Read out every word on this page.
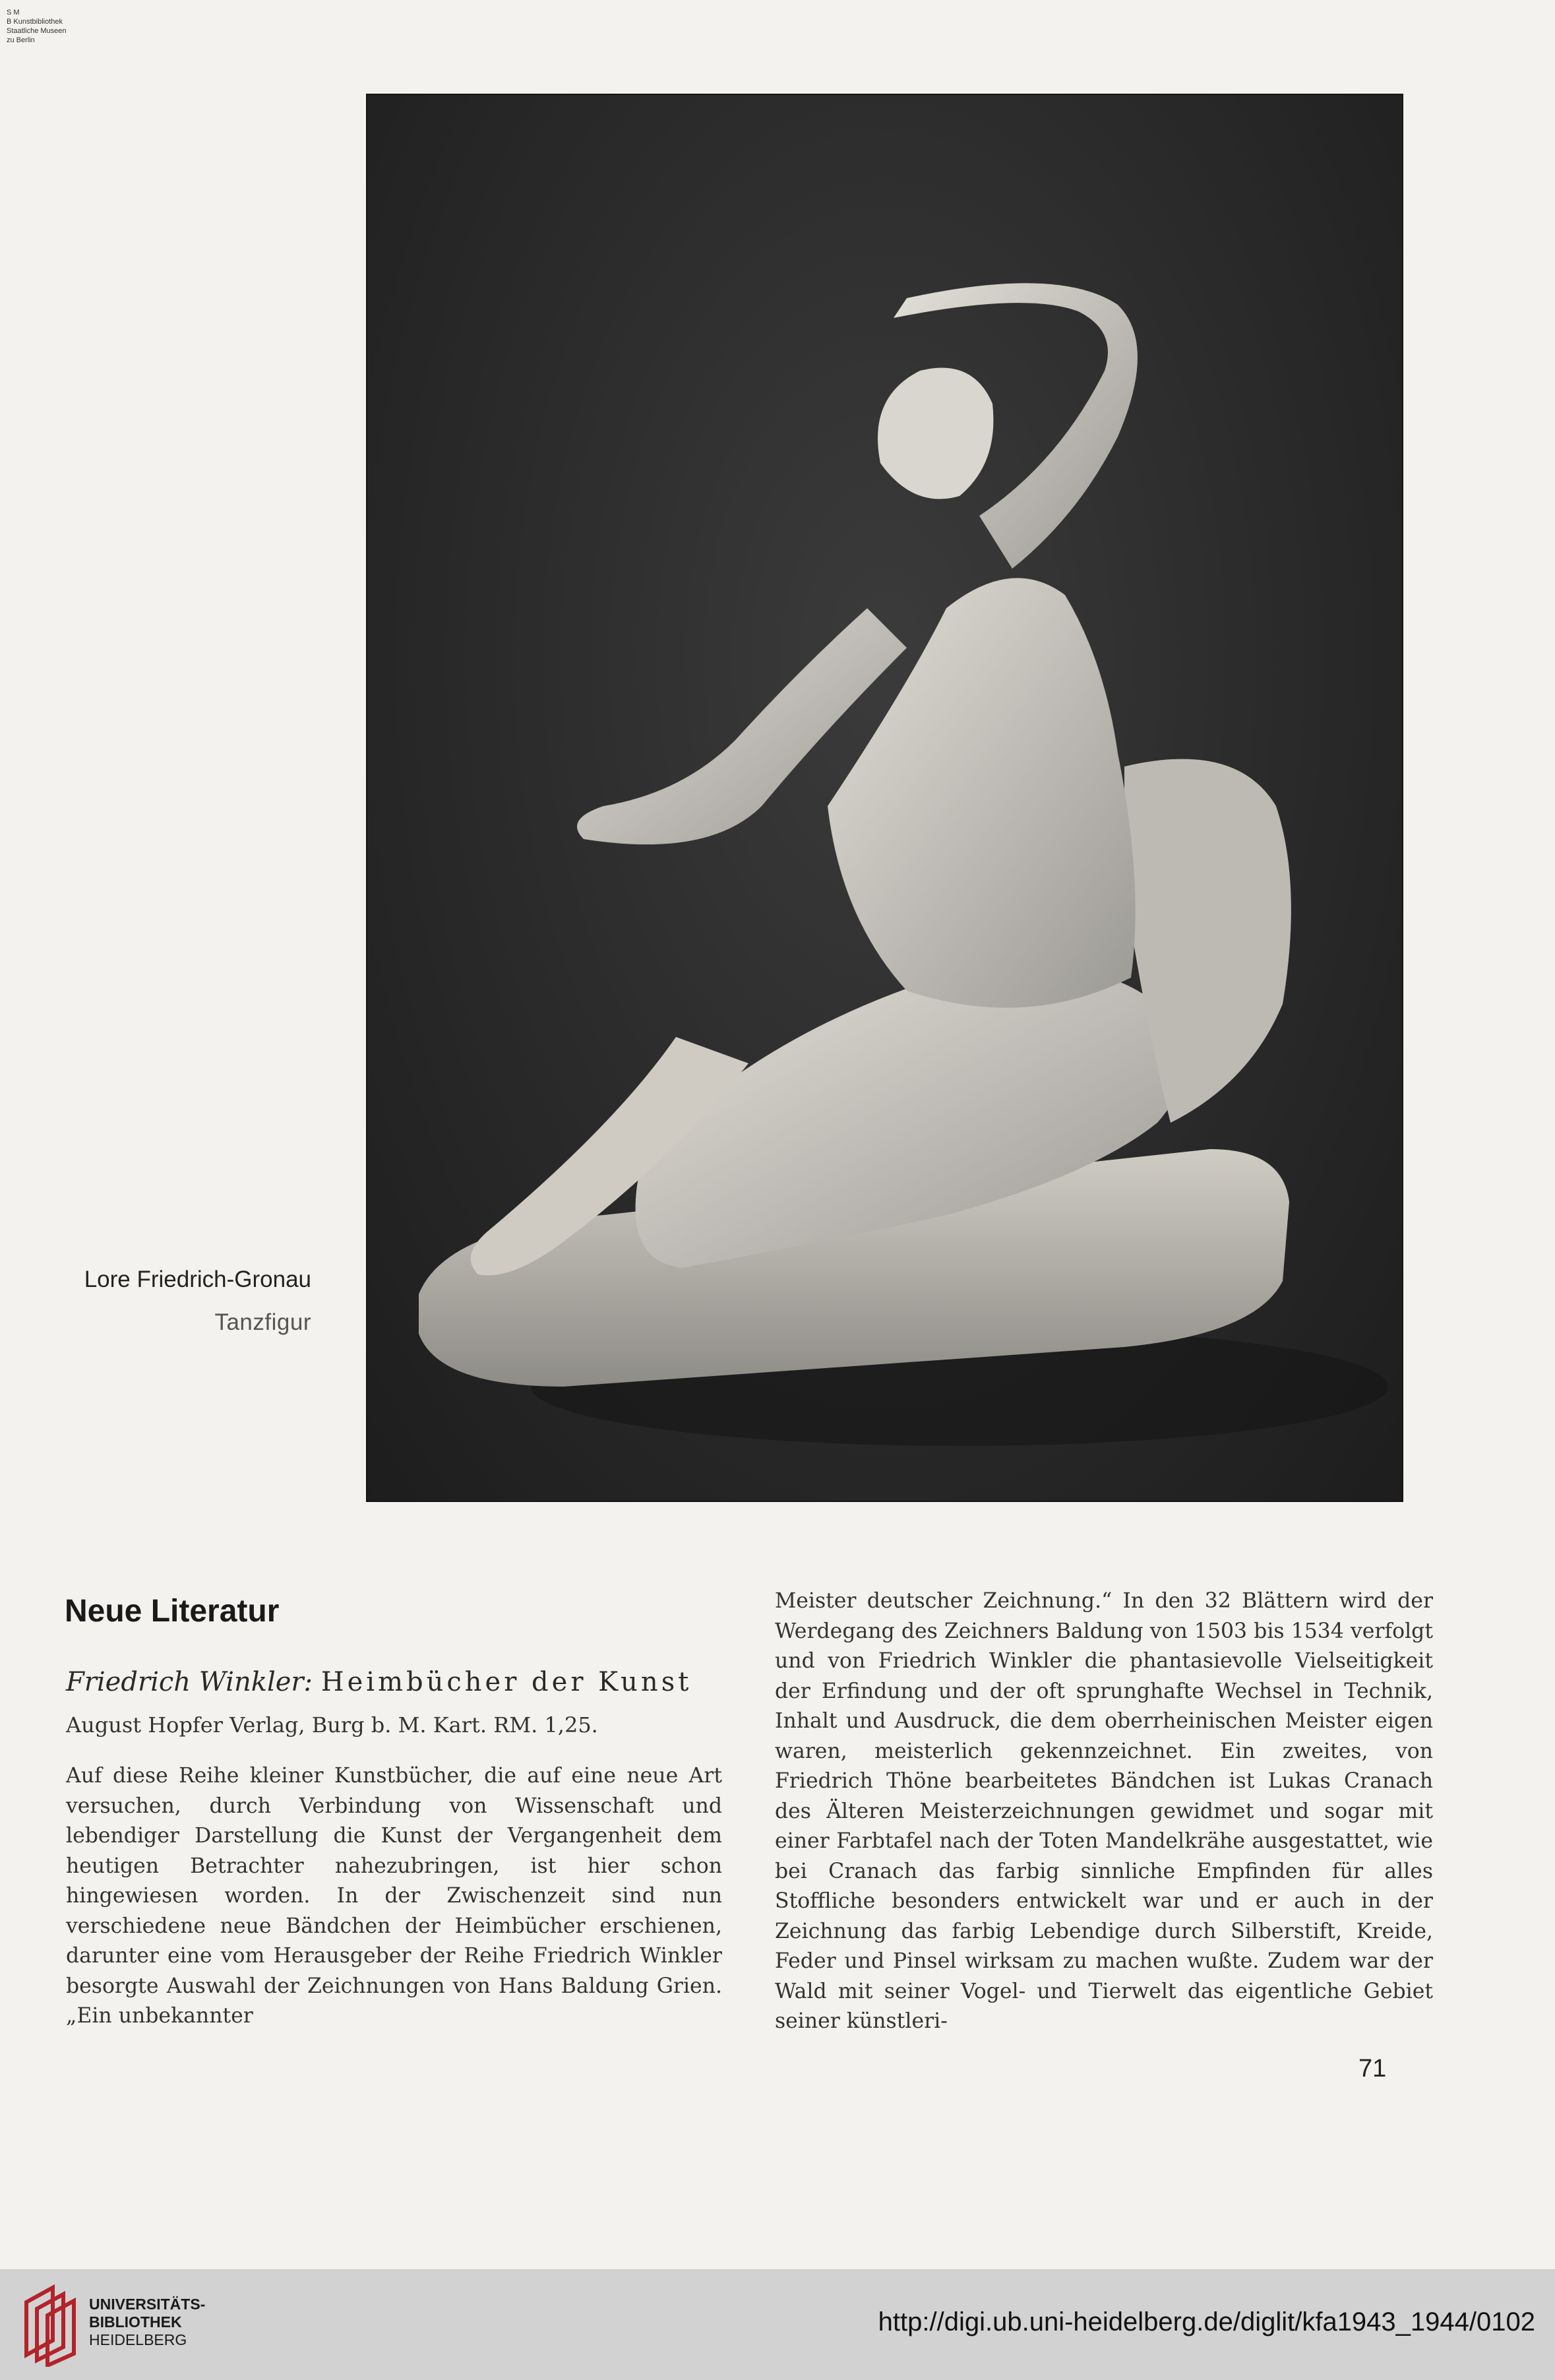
S M
B Kunstbibliothek
Staatliche Museen
zu Berlin
Lore Friedrich-Gronau
Tanzfigur
Neue Literatur
Friedrich Winkler: Heimbücher der Kunst
August Hopfer Verlag, Burg b. M. Kart. RM. 1,25.

Auf diese Reihe kleiner Kunstbücher, die auf eine neue Art versuchen, durch Verbindung von Wissenschaft und lebendiger Darstellung die Kunst der Vergangenheit dem heutigen Betrachter nahezubringen, ist hier schon hingewiesen worden. In der Zwischenzeit sind nun verschiedene neue Bändchen der Heimbücher erschienen, darunter eine vom Herausgeber der Reihe Friedrich Winkler besorgte Auswahl der Zeichnungen von Hans Baldung Grien. „Ein unbekannter

Meister deutscher Zeichnung.“ In den 32 Blättern wird der Werdegang des Zeichners Baldung von 1503 bis 1534 verfolgt und von Friedrich Winkler die phantasievolle Vielseitigkeit der Erfindung und der oft sprunghafte Wechsel in Technik, Inhalt und Ausdruck, die dem oberrheinischen Meister eigen waren, meisterlich gekennzeichnet. Ein zweites, von Friedrich Thöne bearbeitetes Bändchen ist Lukas Cranach des Älteren Meisterzeichnungen gewidmet und sogar mit einer Farbtafel nach der Toten Mandelkrähe ausgestattet, wie bei Cranach das farbig sinnliche Empfinden für alles Stoffliche besonders entwickelt war und er auch in der Zeichnung das farbig Lebendige durch Silberstift, Kreide, Feder und Pinsel wirksam zu machen wußte. Zudem war der Wald mit seiner Vogel- und Tierwelt das eigentliche Gebiet seiner künstleri-

71
UNIVERSITÄTS-
BIBLIOTHEK
HEIDELBERG
http://digi.ub.uni-heidelberg.de/diglit/kfa1943_1944/0102
